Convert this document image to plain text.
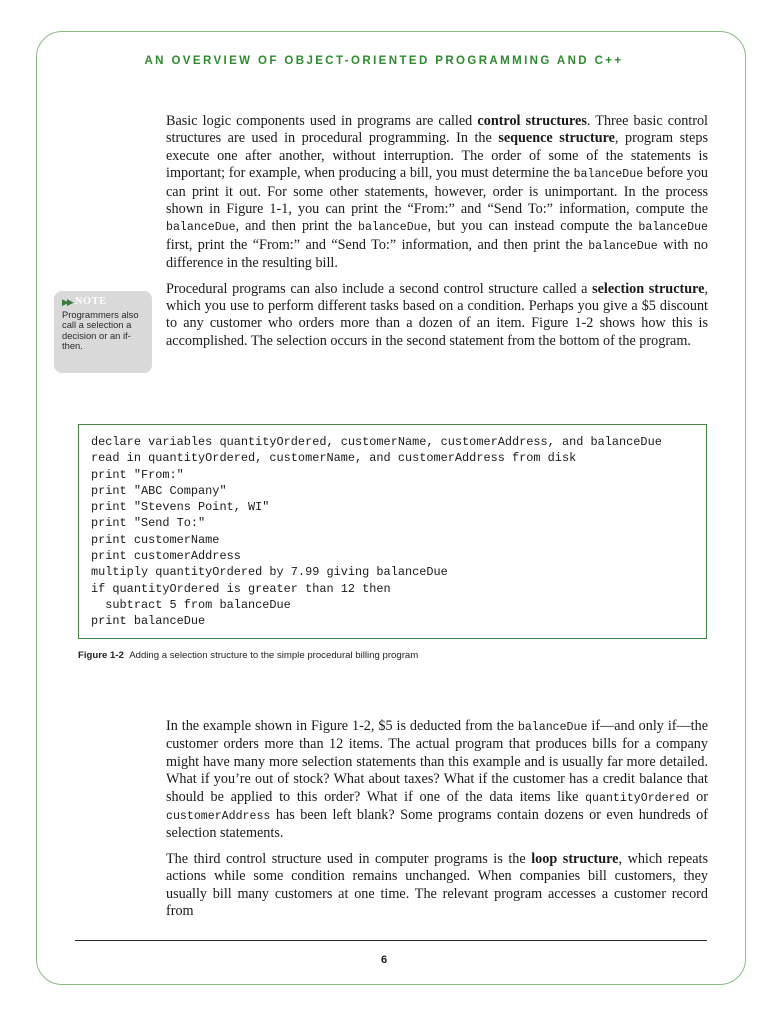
AN OVERVIEW OF OBJECT-ORIENTED PROGRAMMING AND C++

Basic logic components used in programs are called control structures. Three basic control structures are used in procedural programming. In the sequence structure, program steps execute one after another, without interruption. The order of some of the statements is important; for example, when producing a bill, you must determine the balanceDue before you can print it out. For some other statements, however, order is unimportant. In the process shown in Figure 1-1, you can print the “From:” and “Send To:” information, compute the balanceDue, and then print the balanceDue, but you can instead compute the balanceDue first, print the “From:” and “Send To:” information, and then print the balanceDue with no difference in the resulting bill.

Procedural programs can also include a second control structure called a selection structure, which you use to perform different tasks based on a condition. Perhaps you give a $5 discount to any customer who orders more than a dozen of an item. Figure 1-2 shows how this is accomplished. The selection occurs in the second statement from the bottom of the program.

▶▶ NOTE
Programmers also call a selection a decision or an if-then.
declare variables quantityOrdered, customerName, customerAddress, and balanceDue
read in quantityOrdered, customerName, and customerAddress from disk
print "From:"
print "ABC Company"
print "Stevens Point, WI"
print "Send To:"
print customerName
print customerAddress
multiply quantityOrdered by 7.99 giving balanceDue
if quantityOrdered is greater than 12 then
subtract 5 from balanceDue
print balanceDue
Figure 1-2 Adding a selection structure to the simple procedural billing program

In the example shown in Figure 1-2, $5 is deducted from the balanceDue if—and only if—the customer orders more than 12 items. The actual program that produces bills for a company might have many more selection statements than this example and is usually far more detailed. What if you’re out of stock? What about taxes? What if the customer has a credit balance that should be applied to this order? What if one of the data items like quantityOrdered or customerAddress has been left blank? Some programs contain dozens or even hundreds of selection statements.

The third control structure used in computer programs is the loop structure, which repeats actions while some condition remains unchanged. When companies bill customers, they usually bill many customers at one time. The relevant program accesses a customer record from

6
